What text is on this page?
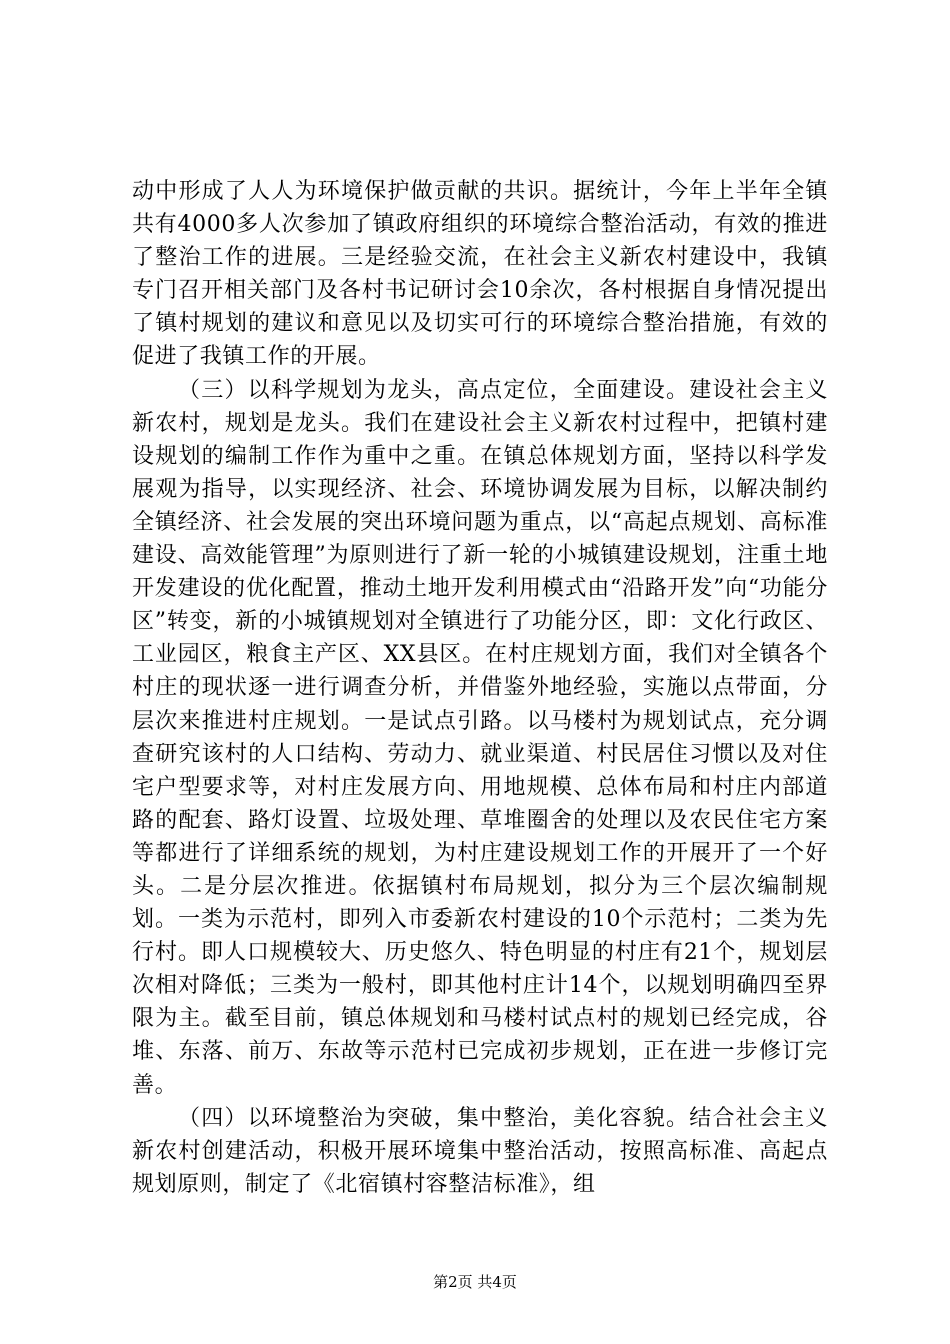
动中形成了人人为环境保护做贡献的共识。据统计，今年上半年全镇共有4000多人次参加了镇政府组织的环境综合整治活动，有效的推进了整治工作的进展。三是经验交流，在社会主义新农村建设中，我镇专门召开相关部门及各村书记研讨会10余次，各村根据自身情况提出了镇村规划的建议和意见以及切实可行的环境综合整治措施，有效的促进了我镇工作的开展。

（三）以科学规划为龙头，高点定位，全面建设。建设社会主义新农村，规划是龙头。我们在建设社会主义新农村过程中，把镇村建设规划的编制工作作为重中之重。在镇总体规划方面，坚持以科学发展观为指导，以实现经济、社会、环境协调发展为目标，以解决制约全镇经济、社会发展的突出环境问题为重点，以“高起点规划、高标准建设、高效能管理”为原则进行了新一轮的小城镇建设规划，注重土地开发建设的优化配置，推动土地开发利用模式由“沿路开发”向“功能分区”转变，新的小城镇规划对全镇进行了功能分区，即：文化行政区、工业园区，粮食主产区、XX县区。在村庄规划方面，我们对全镇各个村庄的现状逐一进行调查分析，并借鉴外地经验，实施以点带面，分层次来推进村庄规划。一是试点引路。以马楼村为规划试点，充分调查研究该村的人口结构、劳动力、就业渠道、村民居住习惯以及对住宅户型要求等，对村庄发展方向、用地规模、总体布局和村庄内部道路的配套、路灯设置、垃圾处理、草堆圈舍的处理以及农民住宅方案等都进行了详细系统的规划，为村庄建设规划工作的开展开了一个好头。二是分层次推进。依据镇村布局规划，拟分为三个层次编制规划。一类为示范村，即列入市委新农村建设的10个示范村；二类为先行村。即人口规模较大、历史悠久、特色明显的村庄有21个，规划层次相对降低；三类为一般村，即其他村庄计14个，以规划明确四至界限为主。截至目前，镇总体规划和马楼村试点村的规划已经完成，谷堆、东落、前万、东故等示范村已完成初步规划，正在进一步修订完善。

（四）以环境整治为突破，集中整治，美化容貌。结合社会主义新农村创建活动，积极开展环境集中整治活动，按照高标准、高起点规划原则，制定了《北宿镇村容整洁标准》，组

第2页 共4页
